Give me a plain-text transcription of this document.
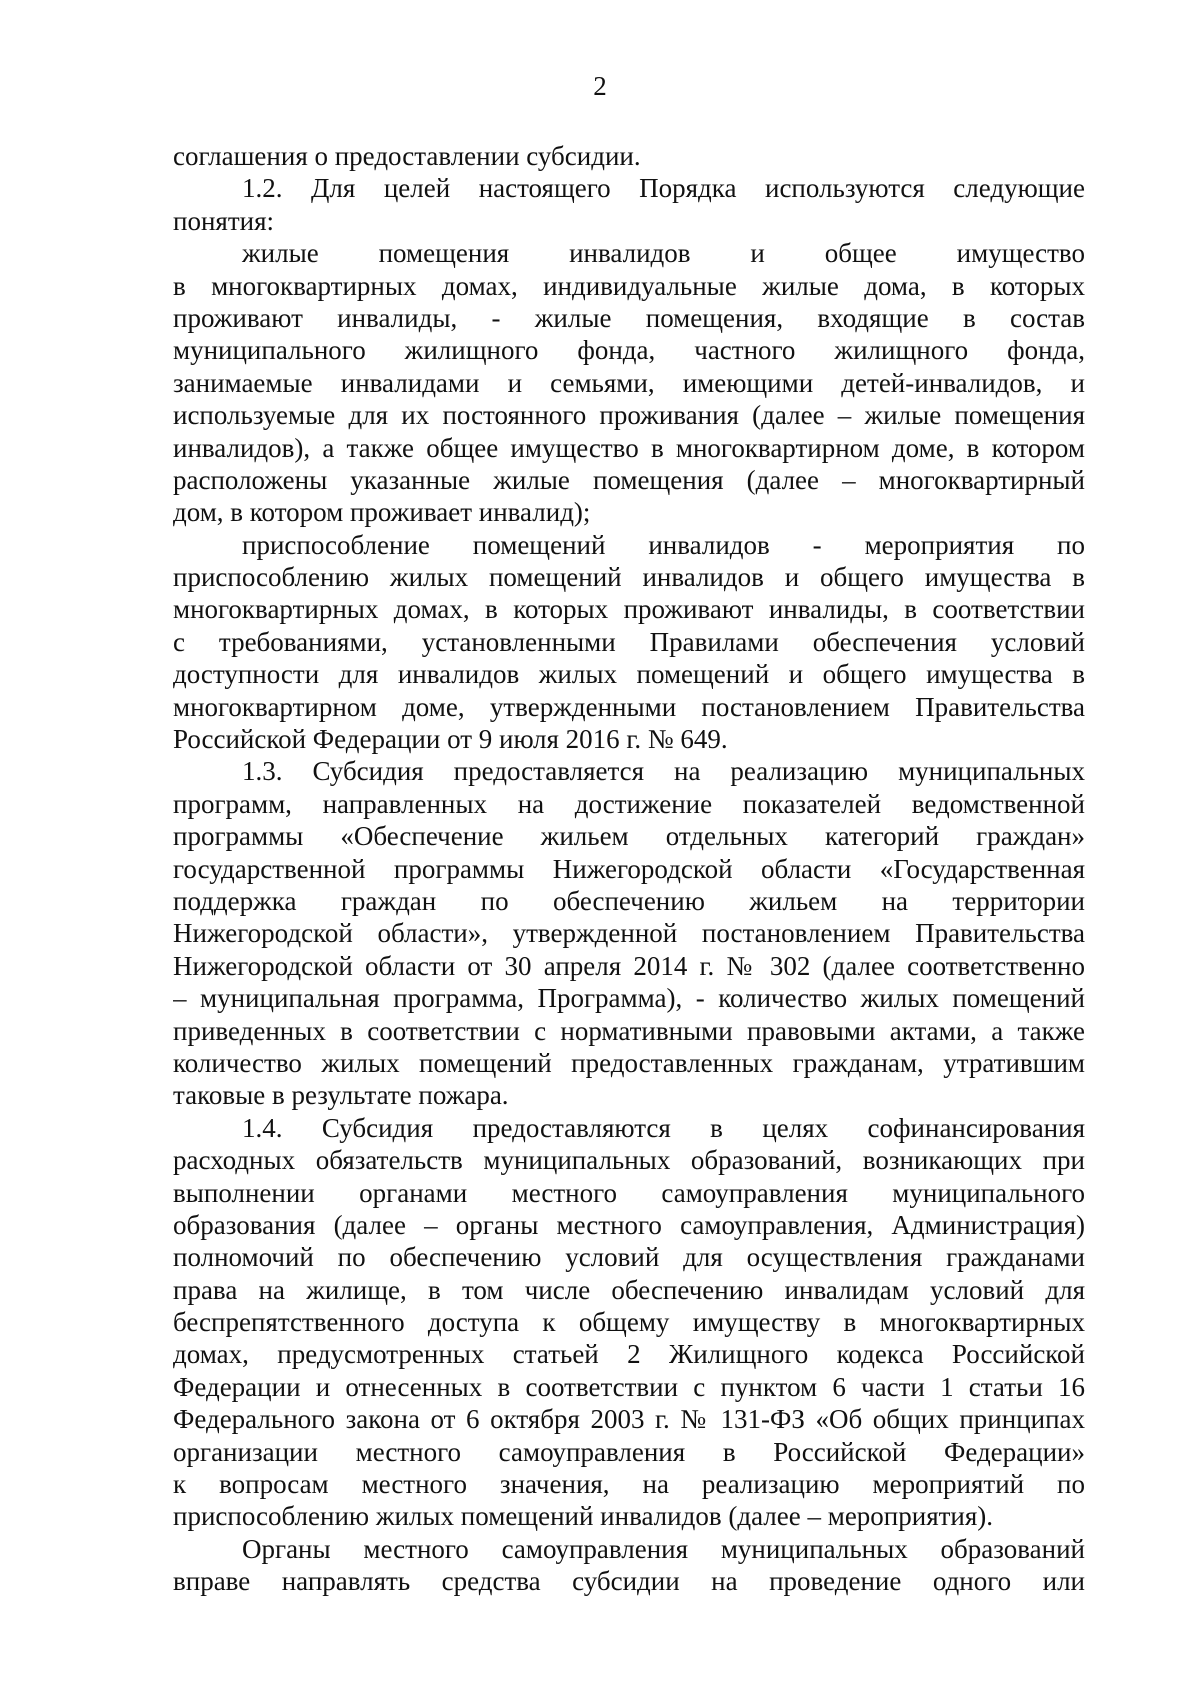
2
соглашения о предоставлении субсидии.
1.2. Для целей настоящего Порядка используются следующие
понятия:
жилые помещения инвалидов и общее имущество
в многоквартирных домах, индивидуальные жилые дома, в которых
проживают инвалиды, - жилые помещения, входящие в состав
муниципального жилищного фонда, частного жилищного фонда,
занимаемые инвалидами и семьями, имеющими детей-инвалидов, и
используемые для их постоянного проживания (далее – жилые помещения
инвалидов), а также общее имущество в многоквартирном доме, в котором
расположены указанные жилые помещения (далее – многоквартирный
дом, в котором проживает инвалид);
приспособление помещений инвалидов - мероприятия по
приспособлению жилых помещений инвалидов и общего имущества в
многоквартирных домах, в которых проживают инвалиды, в соответствии
с требованиями, установленными Правилами обеспечения условий
доступности для инвалидов жилых помещений и общего имущества в
многоквартирном доме, утвержденными постановлением Правительства
Российской Федерации от 9 июля 2016 г. № 649.
1.3. Субсидия предоставляется на реализацию муниципальных
программ, направленных на достижение показателей ведомственной
программы «Обеспечение жильем отдельных категорий граждан»
государственной программы Нижегородской области «Государственная
поддержка граждан по обеспечению жильем на территории
Нижегородской области», утвержденной постановлением Правительства
Нижегородской области от 30 апреля 2014 г. № 302 (далее соответственно
– муниципальная программа, Программа), - количество жилых помещений
приведенных в соответствии с нормативными правовыми актами, а также
количество жилых помещений предоставленных гражданам, утратившим
таковые в результате пожара.
1.4. Субсидия предоставляются в целях софинансирования
расходных обязательств муниципальных образований, возникающих при
выполнении органами местного самоуправления муниципального
образования (далее – органы местного самоуправления, Администрация)
полномочий по обеспечению условий для осуществления гражданами
права на жилище, в том числе обеспечению инвалидам условий для
беспрепятственного доступа к общему имуществу в многоквартирных
домах, предусмотренных статьей 2 Жилищного кодекса Российской
Федерации и отнесенных в соответствии с пунктом 6 части 1 статьи 16
Федерального закона от 6 октября 2003 г. № 131-ФЗ «Об общих принципах
организации местного самоуправления в Российской Федерации»
к вопросам местного значения, на реализацию мероприятий по
приспособлению жилых помещений инвалидов (далее – мероприятия).
Органы местного самоуправления муниципальных образований
вправе направлять средства субсидии на проведение одного или
